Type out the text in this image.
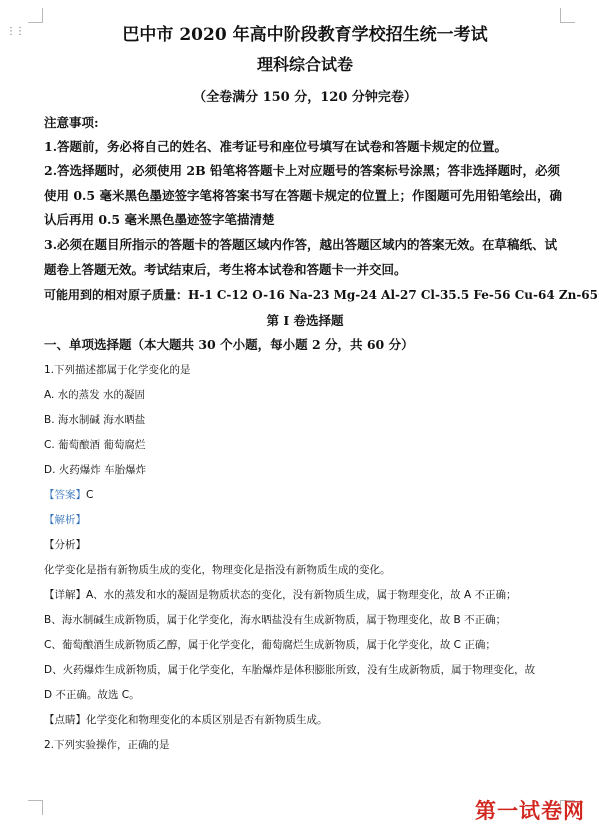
⋮⋮	巴中市 2020 年高中阶段教育学校招生统一考试
理科综合试卷
（全卷满分 150 分，120 分钟完卷）
注意事项:
1.答题前，务必将自己的姓名、准考证号和座位号填写在试卷和答题卡规定的位置。
2.答选择题时，必须使用 2B 铅笔将答题卡上对应题号的答案标号涂黑；答非选择题时，必须
使用 0.5 毫米黑色墨迹签字笔将答案书写在答题卡规定的位置上；作图题可先用铅笔绘出，确
认后再用 0.5 毫米黑色墨迹签字笔描清楚
3.必须在题目所指示的答题卡的答题区域内作答，越出答题区域内的答案无效。在草稿纸、试
题卷上答题无效。考试结束后，考生将本试卷和答题卡一并交回。
可能用到的相对原子质量：H-1 C-12 O-16 Na-23 Mg-24 Al-27 Cl-35.5 Fe-56 Cu-64 Zn-65
第 I 卷选择题
一、单项选择题（本大题共 30 个小题，每小题 2 分，共 60 分）
1.下列描述都属于化学变化的是
A. 水的蒸发 水的凝固
B. 海水制碱 海水晒盐
C. 葡萄酿酒 葡萄腐烂
D. 火药爆炸 车胎爆炸
【答案】C
【解析】
【分析】
化学变化是指有新物质生成的变化，物理变化是指没有新物质生成的变化。
【详解】A、水的蒸发和水的凝固是物质状态的变化，没有新物质生成，属于物理变化，故 A 不正确；
B、海水制碱生成新物质，属于化学变化，海水晒盐没有生成新物质，属于物理变化，故 B 不正确；
C、葡萄酿酒生成新物质乙醇，属于化学变化，葡萄腐烂生成新物质，属于化学变化，故 C 正确；
D、火药爆炸生成新物质，属于化学变化，车胎爆炸是体积膨胀所致，没有生成新物质，属于物理变化，故
D 不正确。故选 C。
【点睛】化学变化和物理变化的本质区别是否有新物质生成。
2.下列实验操作，正确的是
第一试卷网
